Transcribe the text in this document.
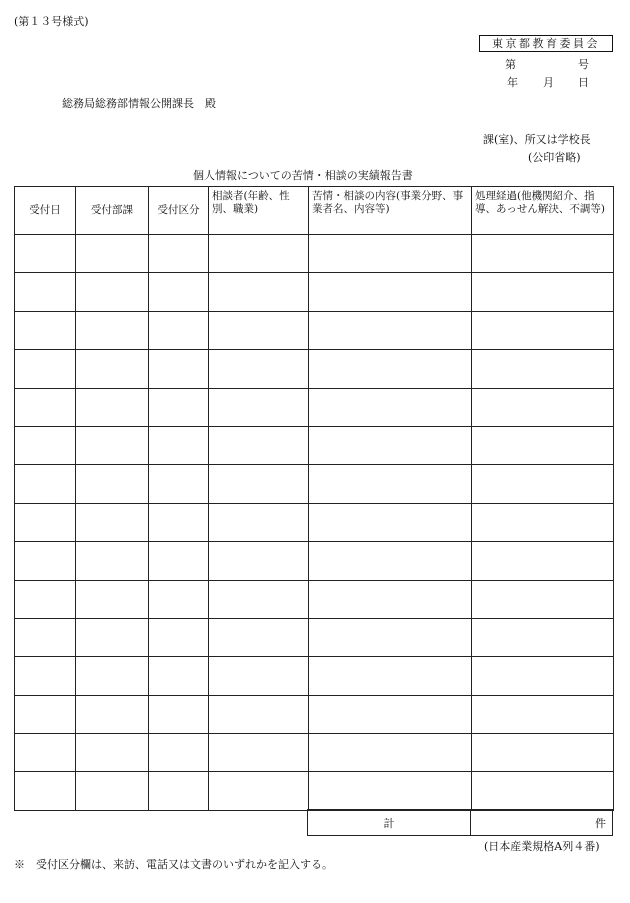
(第１３号様式)
東京都教育委員会
第	号
年 月 日
総務局総務部情報公開課長　殿
課(室)、所又は学校長
(公印省略)
個人情報についての苦情・相談の実績報告書
受付日	受付部課	受付区分	相談者(年齢、性別、職業)	苦情・相談の内容(事業分野、事業者名、内容等)	処理経過(他機関紹介、指導、あっせん解決、不調等)

計	件
(日本産業規格A列４番)
※　受付区分欄は、来訪、電話又は文書のいずれかを記入する。
